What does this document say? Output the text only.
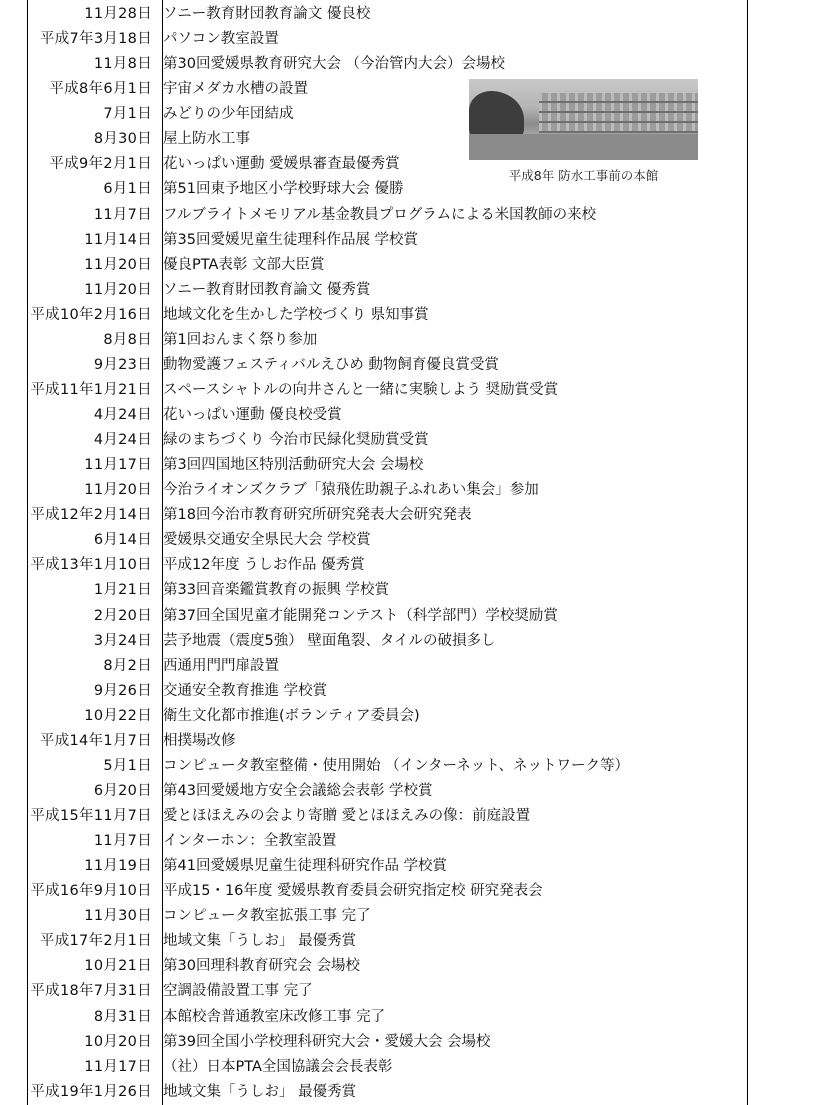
11月28日 ソニー教育財団教育論文 優良校
平成7年3月18日 パソコン教室設置
11月8日 第30回愛媛県教育研究大会 （今治管内大会）会場校
平成8年6月1日 宇宙メダカ水槽の設置
7月1日 みどりの少年団結成
8月30日 屋上防水工事
平成9年2月1日 花いっぱい運動 愛媛県審査最優秀賞
6月1日 第51回東予地区小学校野球大会 優勝
11月7日 フルブライトメモリアル基金教員プログラムによる米国教師の来校
11月14日 第35回愛媛児童生徒理科作品展 学校賞
11月20日 優良PTA表彰 文部大臣賞
11月20日 ソニー教育財団教育論文 優秀賞
平成10年2月16日 地域文化を生かした学校づくり 県知事賞
8月8日 第1回おんまく祭り参加
9月23日 動物愛護フェスティバルえひめ 動物飼育優良賞受賞
平成11年1月21日 スペースシャトルの向井さんと一緒に実験しよう 奨励賞受賞
4月24日 花いっぱい運動 優良校受賞
4月24日 緑のまちづくり 今治市民緑化奨励賞受賞
11月17日 第3回四国地区特別活動研究大会 会場校
11月20日 今治ライオンズクラブ「猿飛佐助親子ふれあい集会」参加
平成12年2月14日 第18回今治市教育研究所研究発表大会研究発表
6月14日 愛媛県交通安全県民大会 学校賞
平成13年1月10日 平成12年度 うしお作品 優秀賞
1月21日 第33回音楽鑑賞教育の振興 学校賞
2月20日 第37回全国児童才能開発コンテスト（科学部門）学校奨励賞
3月24日 芸予地震（震度5強） 壁面亀裂、タイルの破損多し
8月2日 西通用門門扉設置
9月26日 交通安全教育推進 学校賞
10月22日 衛生文化都市推進(ボランティア委員会)
平成14年1月7日 相撲場改修
5月1日 コンピュータ教室整備・使用開始 （インターネット、ネットワーク等）
6月20日 第43回愛媛地方安全会議総会表彰 学校賞
平成15年11月7日 愛とほほえみの会より寄贈 愛とほほえみの像：前庭設置
11月7日 インターホン：全教室設置
11月19日 第41回愛媛県児童生徒理科研究作品 学校賞
平成16年9月10日 平成15・16年度 愛媛県教育委員会研究指定校 研究発表会
11月30日 コンピュータ教室拡張工事 完了
平成17年2月1日 地域文集「うしお」 最優秀賞
10月21日 第30回理科教育研究会 会場校
平成18年7月31日 空調設備設置工事 完了
8月31日 本館校舎普通教室床改修工事 完了
10月20日 第39回全国小学校理科研究大会・愛媛大会 会場校
11月17日 （社）日本PTA全国協議会会長表彰
平成19年1月26日 地域文集「うしお」 最優秀賞
平成8年 防水工事前の本館
